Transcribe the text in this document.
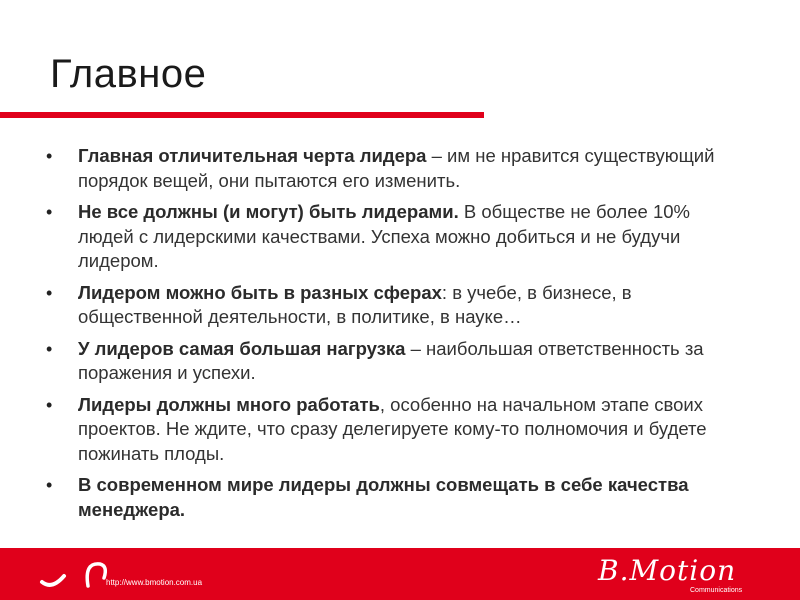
Главное
• Главная отличительная черта лидера – им не нравится существующий порядок вещей, они пытаются его изменить.
• Не все должны (и могут) быть лидерами. В обществе не более 10% людей с лидерскими качествами. Успеха можно добиться и не будучи лидером.
• Лидером можно быть в разных сферах: в учебе, в бизнесе, в общественной деятельности, в политике, в науке…
• У лидеров самая большая нагрузка – наибольшая ответственность за поражения и успехи.
• Лидеры должны много работать, особенно на начальном этапе своих проектов. Не ждите, что сразу делегируете кому-то полномочия и будете пожинать плоды.
• В современном мире лидеры должны совмещать в себе качества менеджера.
http://www.bmotion.com.ua	B.Motion
Communications
